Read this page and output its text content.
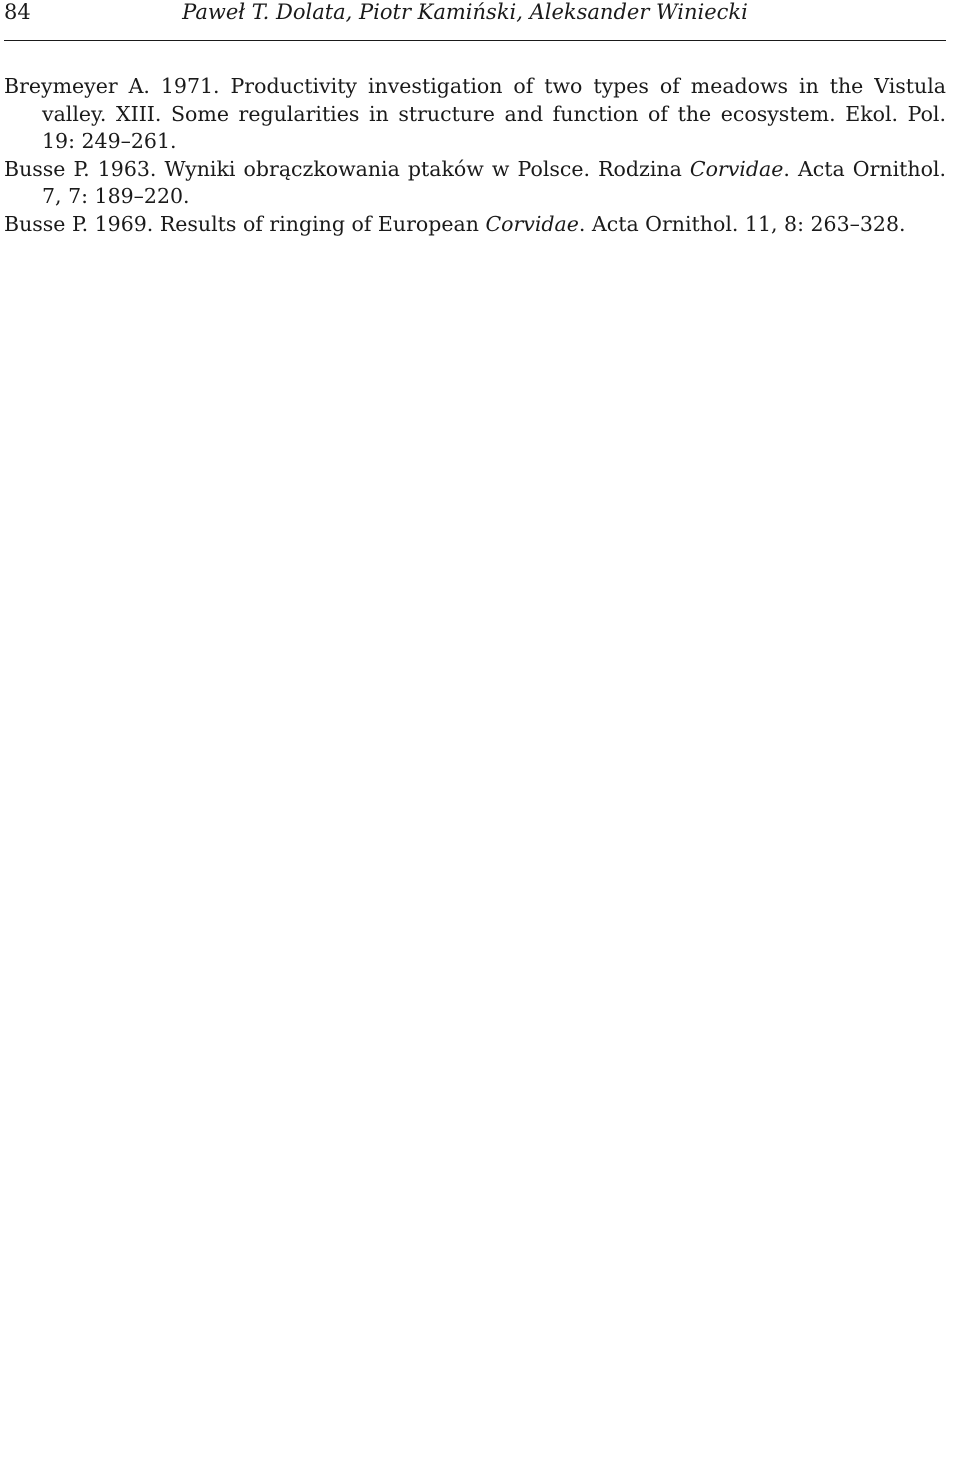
84	Paweł T. Dolata, Piotr Kamiński, Aleksander Winiecki

Breymeyer A. 1971. Productivity investigation of two types of meadows in the Vistula valley. XIII. Some regularities in structure and function of the ecosystem. Ekol. Pol. 19: 249–261.

Busse P. 1963. Wyniki obrączkowania ptaków w Polsce. Rodzina Corvidae. Acta Ornithol. 7, 7: 189–220.

Busse P. 1969. Results of ringing of European Corvidae. Acta Ornithol. 11, 8: 263–328.
